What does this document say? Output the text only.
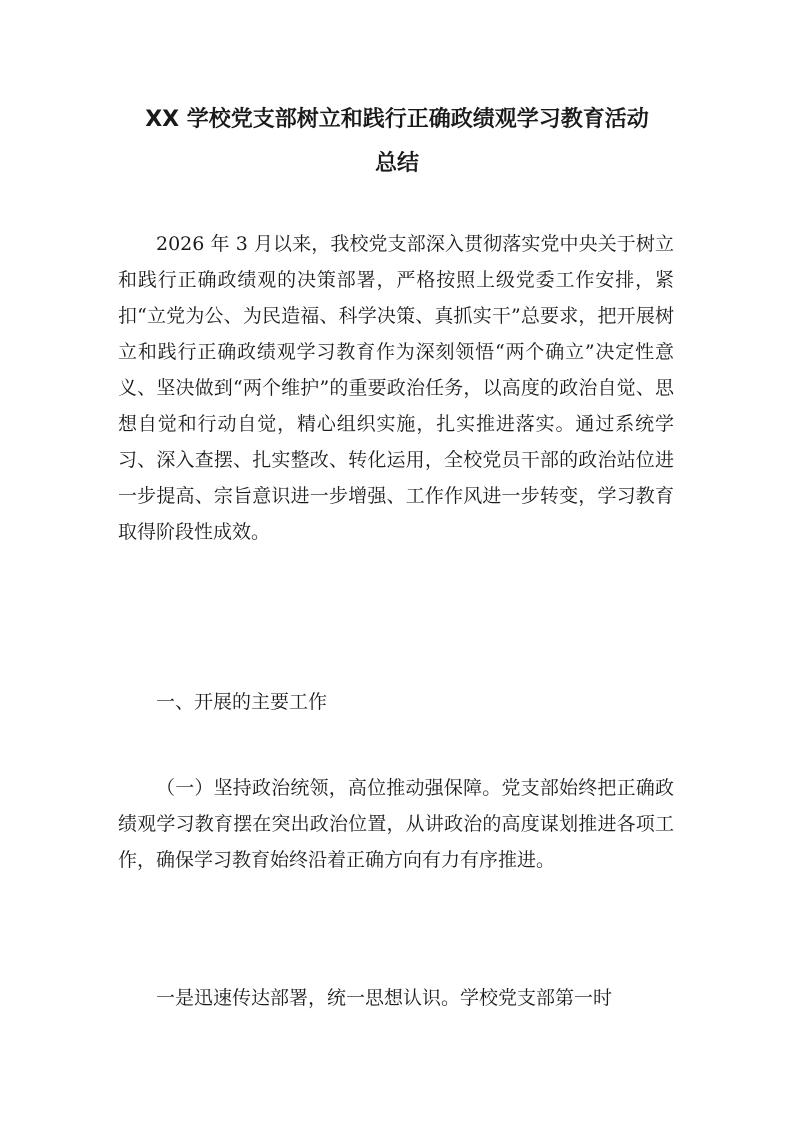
XX 学校党支部树立和践行正确政绩观学习教育活动
总结

2026 年 3 月以来，我校党支部深入贯彻落实党中央关于树立和践行正确政绩观的决策部署，严格按照上级党委工作安排，紧扣“立党为公、为民造福、科学决策、真抓实干”总要求，把开展树立和践行正确政绩观学习教育作为深刻领悟“两个确立”决定性意义、坚决做到“两个维护”的重要政治任务，以高度的政治自觉、思想自觉和行动自觉，精心组织实施，扎实推进落实。通过系统学习、深入查摆、扎实整改、转化运用，全校党员干部的政治站位进一步提高、宗旨意识进一步增强、工作作风进一步转变，学习教育取得阶段性成效。

一、开展的主要工作

（一）坚持政治统领，高位推动强保障。党支部始终把正确政绩观学习教育摆在突出政治位置，从讲政治的高度谋划推进各项工作，确保学习教育始终沿着正确方向有力有序推进。

一是迅速传达部署，统一思想认识。学校党支部第一时
